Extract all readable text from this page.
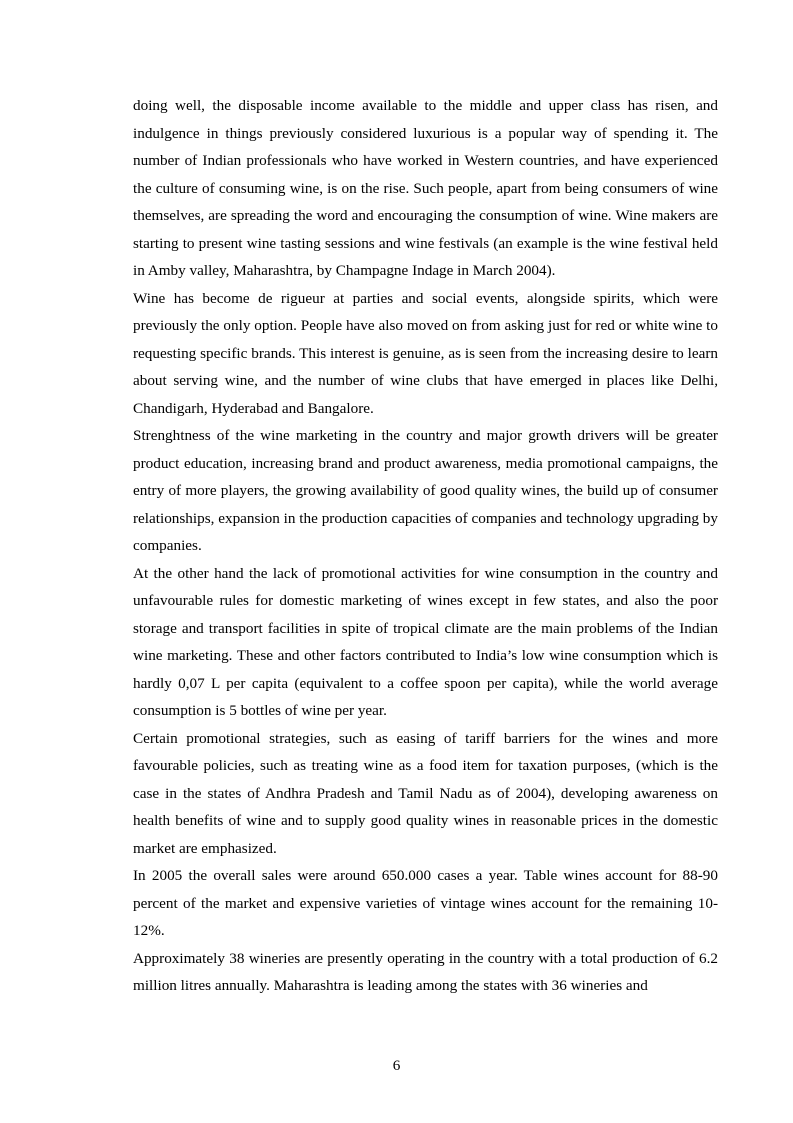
doing well, the disposable income available to the middle and upper class has risen, and indulgence in things previously considered luxurious is a popular way of spending it. The number of Indian professionals who have worked in Western countries, and have experienced the culture of consuming wine, is on the rise. Such people, apart from being consumers of wine themselves, are spreading the word and encouraging the consumption of wine. Wine makers are starting to present wine tasting sessions and wine festivals (an example is the wine festival held in Amby valley, Maharashtra, by Champagne Indage in March 2004).

Wine has become de rigueur at parties and social events, alongside spirits, which were previously the only option. People have also moved on from asking just for red or white wine to requesting specific brands. This interest is genuine, as is seen from the increasing desire to learn about serving wine, and the number of wine clubs that have emerged in places like Delhi, Chandigarh, Hyderabad and Bangalore.

Strenghtness of the wine marketing in the country and major growth drivers will be greater product education, increasing brand and product awareness, media promotional campaigns, the entry of more players, the growing availability of good quality wines, the build up of consumer relationships, expansion in the production capacities of companies and technology upgrading by companies.

At the other hand the lack of promotional activities for wine consumption in the country and unfavourable rules for domestic marketing of wines except in few states, and also the poor storage and transport facilities in spite of tropical climate are the main problems of the Indian wine marketing. These and other factors contributed to India’s low wine consumption which is hardly 0,07 L per capita (equivalent to a coffee spoon per capita), while the world average consumption is 5 bottles of wine per year.

Certain promotional strategies, such as easing of tariff barriers for the wines and more favourable policies, such as treating wine as a food item for taxation purposes, (which is the case in the states of Andhra Pradesh and Tamil Nadu as of 2004), developing awareness on health benefits of wine and to supply good quality wines in reasonable prices in the domestic market are emphasized.

In 2005 the overall sales were around 650.000 cases a year. Table wines account for 88-90 percent of the market and expensive varieties of vintage wines account for the remaining 10-12%.

Approximately 38 wineries are presently operating in the country with a total production of 6.2 million litres annually. Maharashtra is leading among the states with 36 wineries and

6
